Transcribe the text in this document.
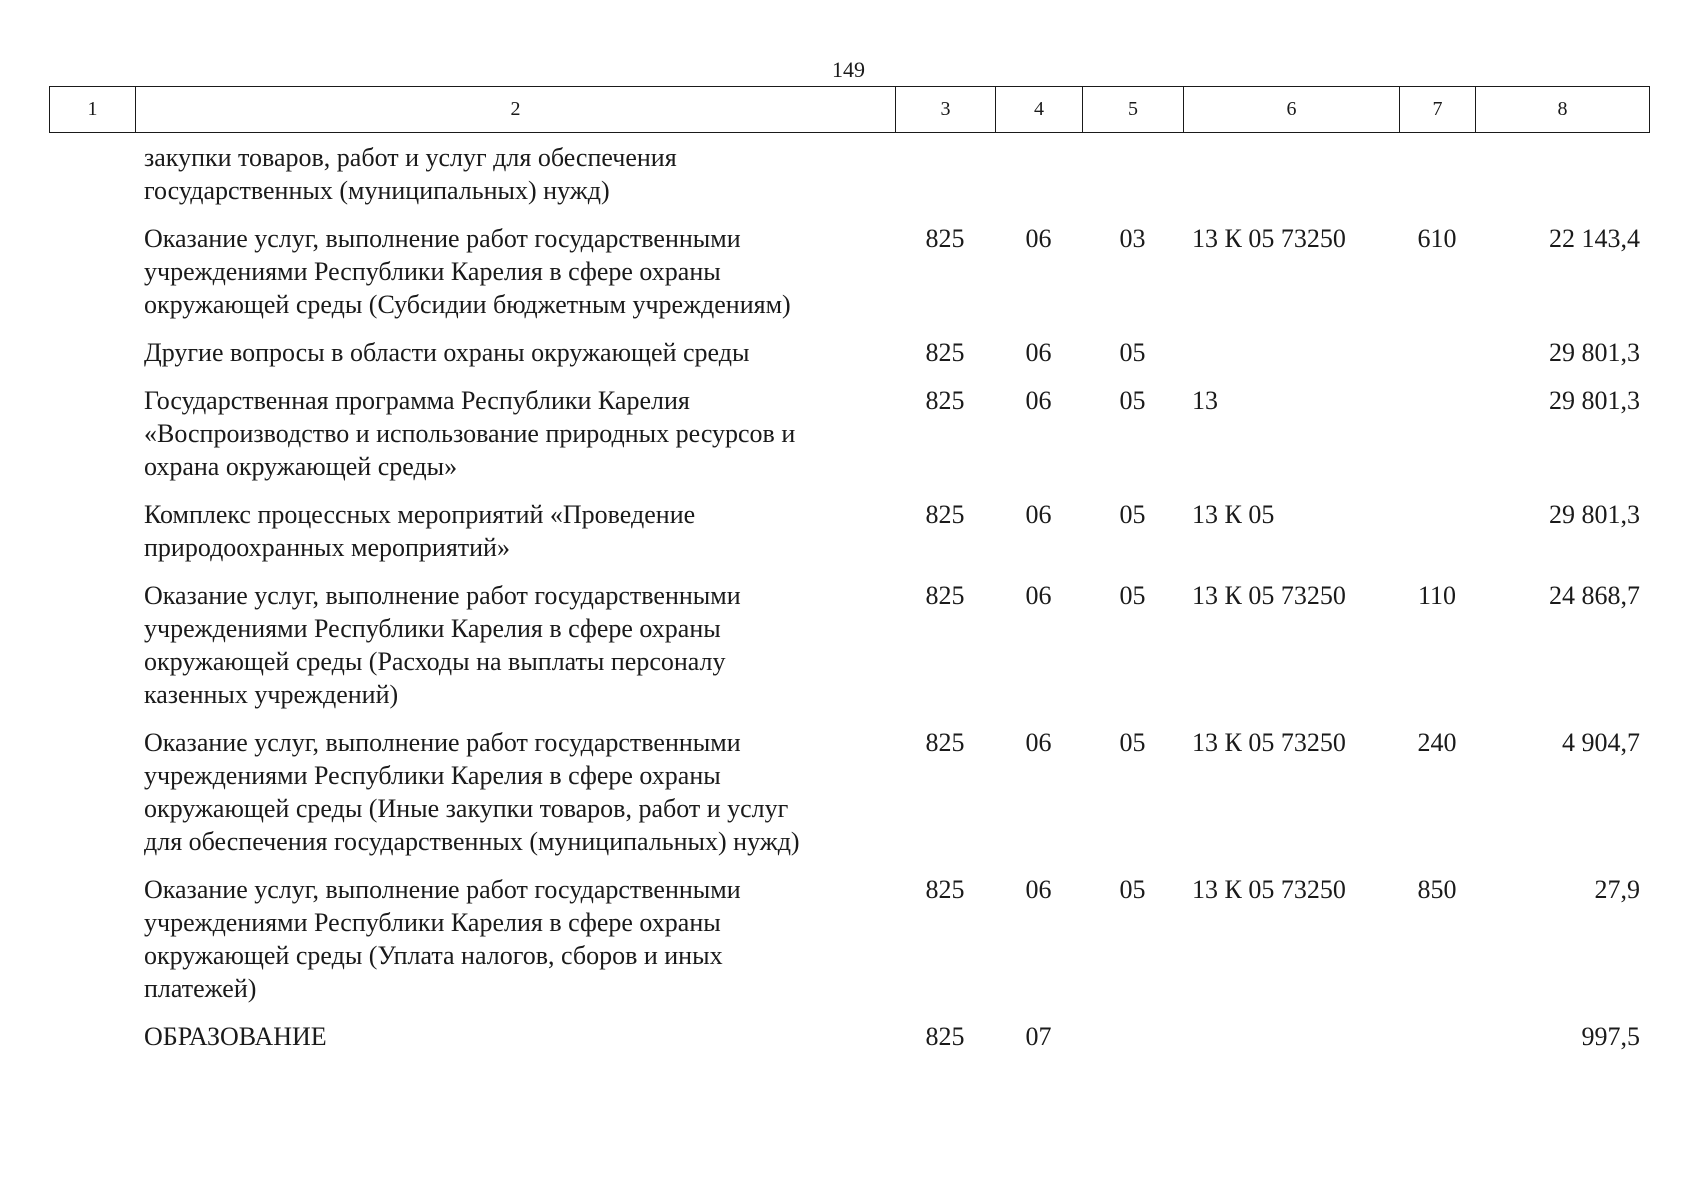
149
1	2	3	4	5	6	7	8
	закупки товаров, работ и услуг для обеспечения
государственных (муниципальных) нужд)						
	Оказание услуг, выполнение работ государственными
учреждениями Республики Карелия в сфере охраны
окружающей среды (Субсидии бюджетным учреждениям)	825	06	03	13 К 05 73250	610	22 143,4
	Другие вопросы в области охраны окружающей среды	825	06	05			29 801,3
	Государственная программа Республики Карелия
«Воспроизводство и использование природных ресурсов и
охрана окружающей среды»	825	06	05	13		29 801,3
	Комплекс процессных мероприятий «Проведение
природоохранных мероприятий»	825	06	05	13 К 05		29 801,3
	Оказание услуг, выполнение работ государственными
учреждениями Республики Карелия в сфере охраны
окружающей среды (Расходы на выплаты персоналу
казенных учреждений)	825	06	05	13 К 05 73250	110	24 868,7
	Оказание услуг, выполнение работ государственными
учреждениями Республики Карелия в сфере охраны
окружающей среды (Иные закупки товаров, работ и услуг
для обеспечения государственных (муниципальных) нужд)	825	06	05	13 К 05 73250	240	4 904,7
	Оказание услуг, выполнение работ государственными
учреждениями Республики Карелия в сфере охраны
окружающей среды (Уплата налогов, сборов и иных
платежей)	825	06	05	13 К 05 73250	850	27,9
	ОБРАЗОВАНИЕ	825	07				997,5
